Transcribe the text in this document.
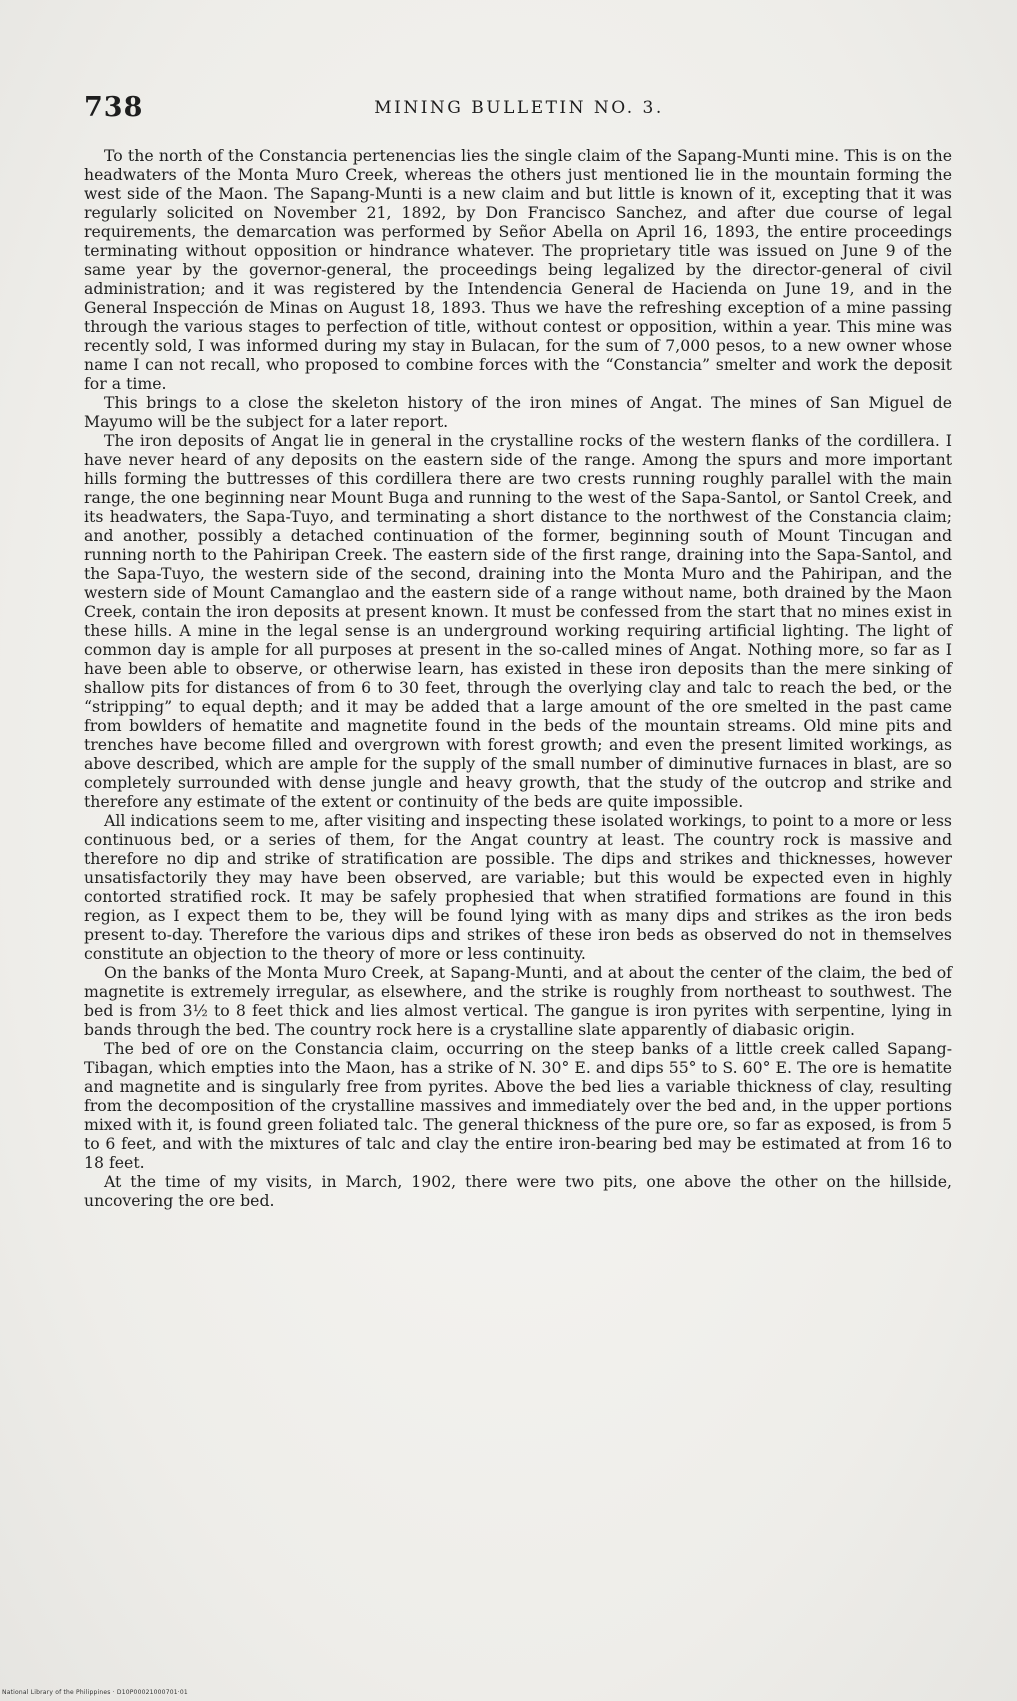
738	MINING BULLETIN NO. 3.

To the north of the Constancia pertenencias lies the single claim of the Sapang-Munti mine. This is on the headwaters of the Monta Muro Creek, whereas the others just mentioned lie in the mountain forming the west side of the Maon. The Sapang-Munti is a new claim and but little is known of it, excepting that it was regularly solicited on November 21, 1892, by Don Francisco Sanchez, and after due course of legal requirements, the demarcation was performed by Señor Abella on April 16, 1893, the entire proceedings terminating without opposition or hindrance whatever. The proprietary title was issued on June 9 of the same year by the governor-general, the proceedings being legalized by the director-general of civil administration; and it was registered by the Intendencia General de Hacienda on June 19, and in the General Inspección de Minas on August 18, 1893. Thus we have the refreshing exception of a mine passing through the various stages to perfection of title, without contest or opposition, within a year. This mine was recently sold, I was informed during my stay in Bulacan, for the sum of 7,000 pesos, to a new owner whose name I can not recall, who proposed to combine forces with the “Constancia” smelter and work the deposit for a time.

This brings to a close the skeleton history of the iron mines of Angat. The mines of San Miguel de Mayumo will be the subject for a later report.

The iron deposits of Angat lie in general in the crystalline rocks of the western flanks of the cordillera. I have never heard of any deposits on the eastern side of the range. Among the spurs and more important hills forming the buttresses of this cordillera there are two crests running roughly parallel with the main range, the one beginning near Mount Buga and running to the west of the Sapa-Santol, or Santol Creek, and its headwaters, the Sapa-Tuyo, and terminating a short distance to the northwest of the Constancia claim; and another, possibly a detached continuation of the former, beginning south of Mount Tincugan and running north to the Pahiripan Creek. The eastern side of the first range, draining into the Sapa-Santol, and the Sapa-Tuyo, the western side of the second, draining into the Monta Muro and the Pahiripan, and the western side of Mount Camanglao and the eastern side of a range without name, both drained by the Maon Creek, contain the iron deposits at present known. It must be confessed from the start that no mines exist in these hills. A mine in the legal sense is an underground working requiring artificial lighting. The light of common day is ample for all purposes at present in the so-called mines of Angat. Nothing more, so far as I have been able to observe, or otherwise learn, has existed in these iron deposits than the mere sinking of shallow pits for distances of from 6 to 30 feet, through the overlying clay and talc to reach the bed, or the “stripping” to equal depth; and it may be added that a large amount of the ore smelted in the past came from bowlders of hematite and magnetite found in the beds of the mountain streams. Old mine pits and trenches have become filled and overgrown with forest growth; and even the present limited workings, as above described, which are ample for the supply of the small number of diminutive furnaces in blast, are so completely surrounded with dense jungle and heavy growth, that the study of the outcrop and strike and therefore any estimate of the extent or continuity of the beds are quite impossible.

All indications seem to me, after visiting and inspecting these isolated workings, to point to a more or less continuous bed, or a series of them, for the Angat country at least. The country rock is massive and therefore no dip and strike of stratification are possible. The dips and strikes and thicknesses, however unsatisfactorily they may have been observed, are variable; but this would be expected even in highly contorted stratified rock. It may be safely prophesied that when stratified formations are found in this region, as I expect them to be, they will be found lying with as many dips and strikes as the iron beds present to-day. Therefore the various dips and strikes of these iron beds as observed do not in themselves constitute an objection to the theory of more or less continuity.

On the banks of the Monta Muro Creek, at Sapang-Munti, and at about the center of the claim, the bed of magnetite is extremely irregular, as elsewhere, and the strike is roughly from northeast to southwest. The bed is from 3½ to 8 feet thick and lies almost vertical. The gangue is iron pyrites with serpentine, lying in bands through the bed. The country rock here is a crystalline slate apparently of diabasic origin.

The bed of ore on the Constancia claim, occurring on the steep banks of a little creek called Sapang-Tibagan, which empties into the Maon, has a strike of N. 30° E. and dips 55° to S. 60° E. The ore is hematite and magnetite and is singularly free from pyrites. Above the bed lies a variable thickness of clay, resulting from the decomposition of the crystalline massives and immediately over the bed and, in the upper portions mixed with it, is found green foliated talc. The general thickness of the pure ore, so far as exposed, is from 5 to 6 feet, and with the mixtures of talc and clay the entire iron-bearing bed may be estimated at from 16 to 18 feet.

At the time of my visits, in March, 1902, there were two pits, one above the other on the hillside, uncovering the ore bed.

National Library of the Philippines · D10P00021000701·01
